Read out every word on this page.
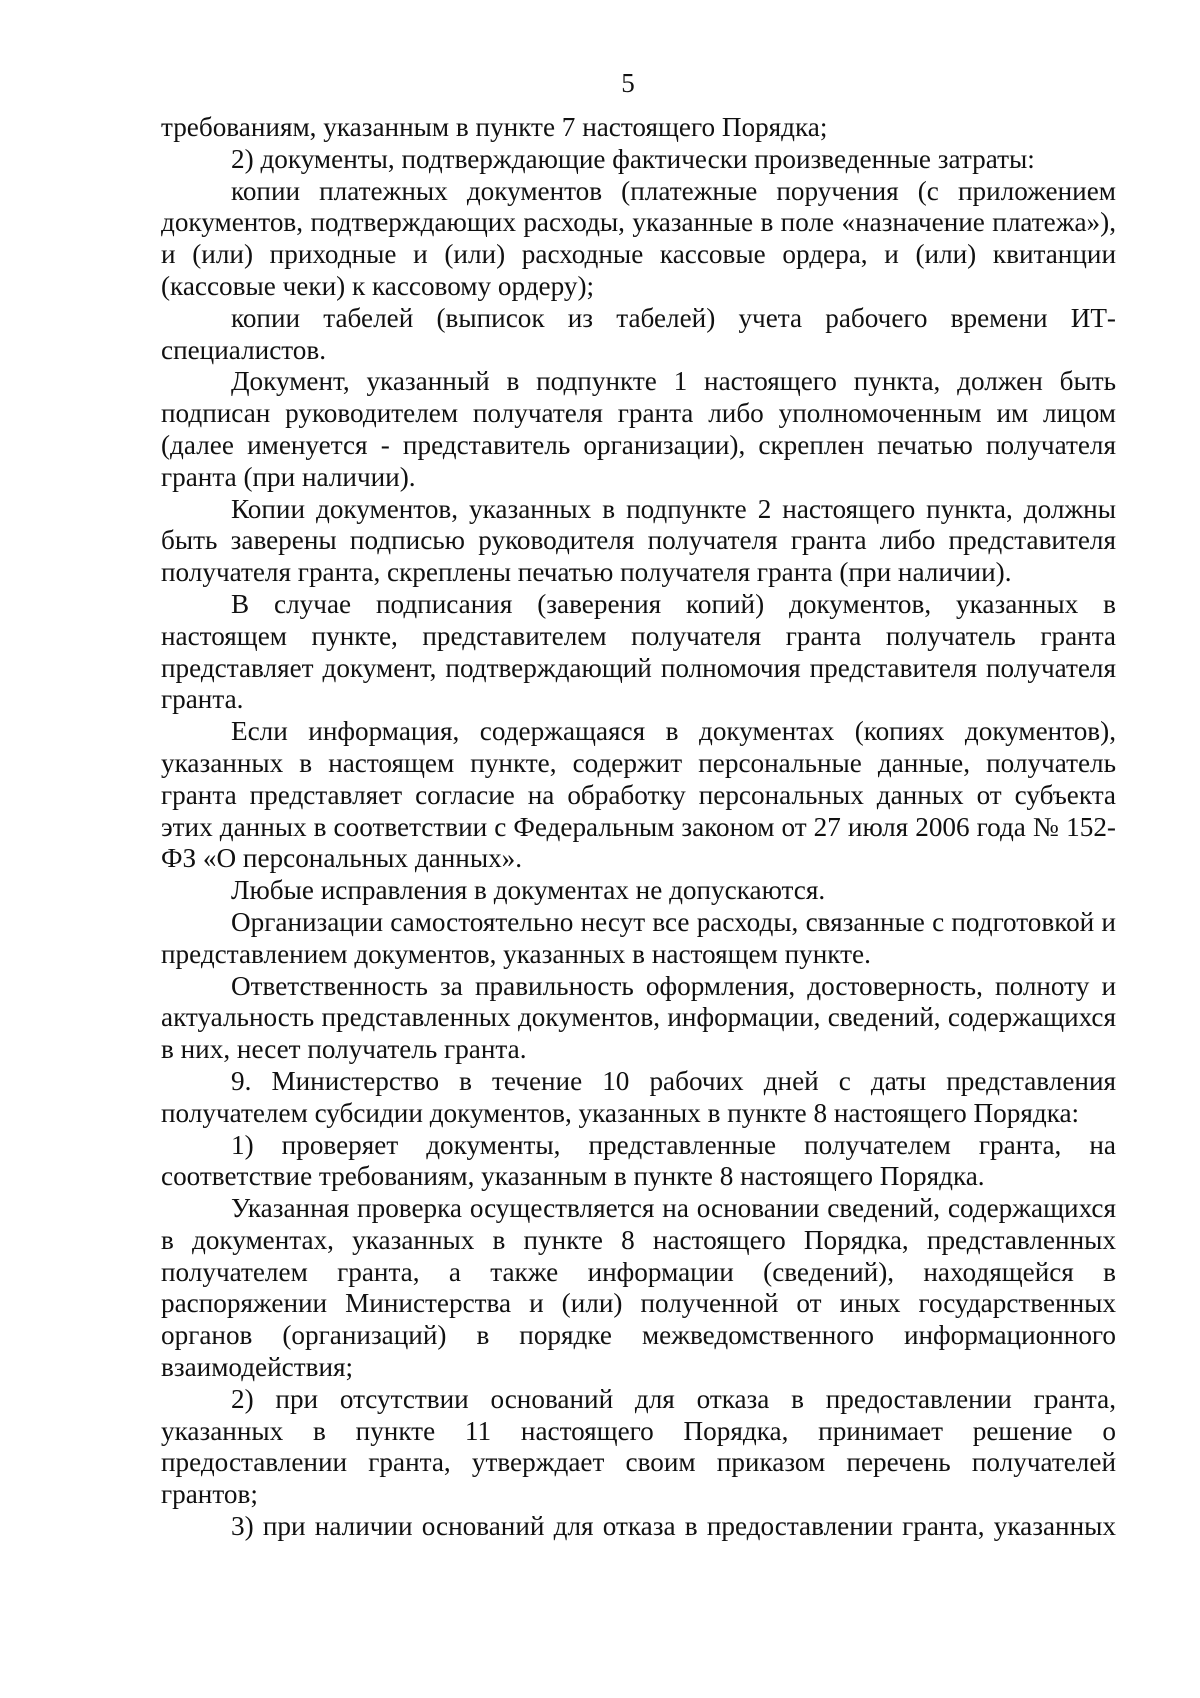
5

требованиям, указанным в пункте 7 настоящего Порядка;

2) документы, подтверждающие фактически произведенные затраты:

копии платежных документов (платежные поручения (с приложением документов, подтверждающих расходы, указанные в поле «назначение платежа»), и (или) приходные и (или) расходные кассовые ордера, и (или) квитанции (кассовые чеки) к кассовому ордеру);

копии табелей (выписок из табелей) учета рабочего времени ИТ-специалистов.

Документ, указанный в подпункте 1 настоящего пункта, должен быть подписан руководителем получателя гранта либо уполномоченным им лицом (далее именуется - представитель организации), скреплен печатью получателя гранта (при наличии).

Копии документов, указанных в подпункте 2 настоящего пункта, должны быть заверены подписью руководителя получателя гранта либо представителя получателя гранта, скреплены печатью получателя гранта (при наличии).

В случае подписания (заверения копий) документов, указанных в настоящем пункте, представителем получателя гранта получатель гранта представляет документ, подтверждающий полномочия представителя получателя гранта.

Если информация, содержащаяся в документах (копиях документов), указанных в настоящем пункте, содержит персональные данные, получатель гранта представляет согласие на обработку персональных данных от субъекта этих данных в соответствии с Федеральным законом от 27 июля 2006 года № 152-ФЗ «О персональных данных».

Любые исправления в документах не допускаются.

Организации самостоятельно несут все расходы, связанные с подготовкой и представлением документов, указанных в настоящем пункте.

Ответственность за правильность оформления, достоверность, полноту и актуальность представленных документов, информации, сведений, содержащихся в них, несет получатель гранта.

9. Министерство в течение 10 рабочих дней с даты представления получателем субсидии документов, указанных в пункте 8 настоящего Порядка:

1) проверяет документы, представленные получателем гранта, на соответствие требованиям, указанным в пункте 8 настоящего Порядка.

Указанная проверка осуществляется на основании сведений, содержащихся в документах, указанных в пункте 8 настоящего Порядка, представленных получателем гранта, а также информации (сведений), находящейся в распоряжении Министерства и (или) полученной от иных государственных органов (организаций) в порядке межведомственного информационного взаимодействия;

2) при отсутствии оснований для отказа в предоставлении гранта, указанных в пункте 11 настоящего Порядка, принимает решение о предоставлении гранта, утверждает своим приказом перечень получателей грантов;

3) при наличии оснований для отказа в предоставлении гранта, указанных
